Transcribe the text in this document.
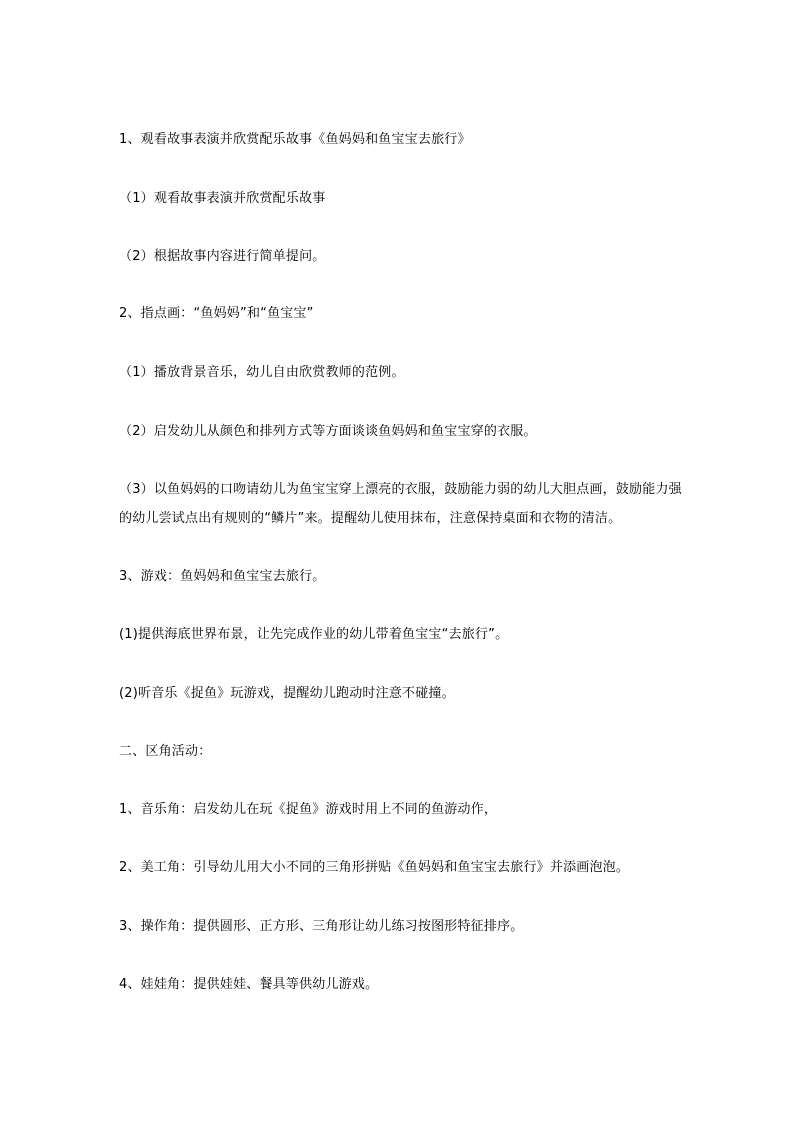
1、观看故事表演并欣赏配乐故事《鱼妈妈和鱼宝宝去旅行》
（1）观看故事表演并欣赏配乐故事
（2）根据故事内容进行简单提问。
2、指点画：“鱼妈妈”和“鱼宝宝”
（1）播放背景音乐，幼儿自由欣赏教师的范例。
（2）启发幼儿从颜色和排列方式等方面谈谈鱼妈妈和鱼宝宝穿的衣服。
（3）以鱼妈妈的口吻请幼儿为鱼宝宝穿上漂亮的衣服，鼓励能力弱的幼儿大胆点画，鼓励能力强的幼儿尝试点出有规则的“鳞片”来。提醒幼儿使用抹布，注意保持桌面和衣物的清洁。
3、游戏：鱼妈妈和鱼宝宝去旅行。
(1)提供海底世界布景，让先完成作业的幼儿带着鱼宝宝“去旅行”。
(2)听音乐《捉鱼》玩游戏，提醒幼儿跑动时注意不碰撞。
二、区角活动：
1、音乐角：启发幼儿在玩《捉鱼》游戏时用上不同的鱼游动作，
2、美工角：引导幼儿用大小不同的三角形拼贴《鱼妈妈和鱼宝宝去旅行》并添画泡泡。
3、操作角：提供圆形、正方形、三角形让幼儿练习按图形特征排序。
4、娃娃角：提供娃娃、餐具等供幼儿游戏。
